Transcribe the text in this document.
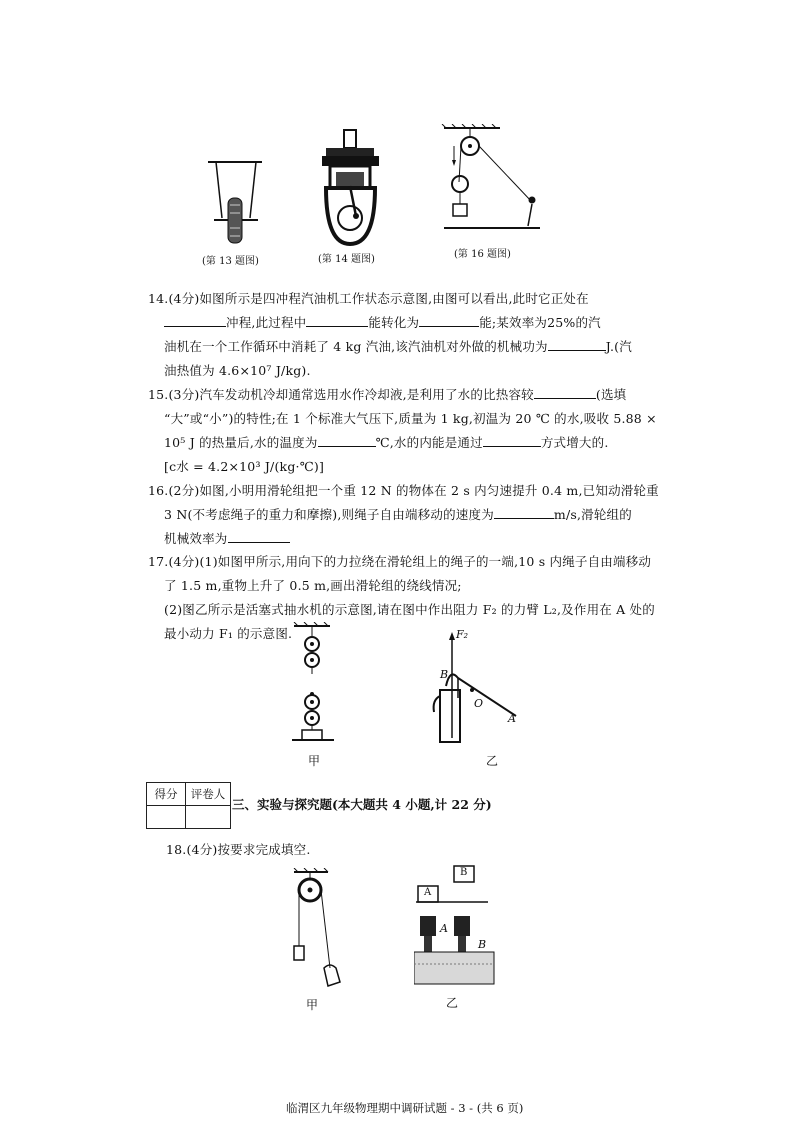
(第 13 题图)	(第 14 题图)	(第 16 题图)
14.(4分)如图所示是四冲程汽油机工作状态示意图,由图可以看出,此时它正处在
冲程,此过程中	能转化为	能;某效率为25%的汽
油机在一个工作循环中消耗了 4 kg 汽油,该汽油机对外做的机械功为	J.(汽
油热值为 4.6×10⁷ J/kg).
15.(3分)汽车发动机冷却通常选用水作冷却液,是利用了水的比热容较	(选填
“大”或“小”)的特性;在 1 个标准大气压下,质量为 1 kg,初温为 20 ℃ 的水,吸收 5.88 ×
10⁵ J 的热量后,水的温度为	℃,水的内能是通过	方式增大的.
[c水 = 4.2×10³ J/(kg·℃)]
16.(2分)如图,小明用滑轮组把一个重 12 N 的物体在 2 s 内匀速提升 0.4 m,已知动滑轮重
3 N(不考虑绳子的重力和摩擦),则绳子自由端移动的速度为	m/s,滑轮组的
机械效率为
17.(4分)(1)如图甲所示,用向下的力拉绕在滑轮组上的绳子的一端,10 s 内绳子自由端移动
了 1.5 m,重物上升了 0.5 m,画出滑轮组的绕线情况;
(2)图乙所示是活塞式抽水机的示意图,请在图中作出阻力 F₂ 的力臂 L₂,及作用在 A 处的
最小动力 F₁ 的示意图.
甲
F₂
B
O
A
乙
得分	评卷人

三、实验与探究题(本大题共 4 小题,计 22 分)
18.(4分)按要求完成填空.
甲
A
B
A
B
乙
临渭区九年级物理期中调研试题 - 3 - (共 6 页)
